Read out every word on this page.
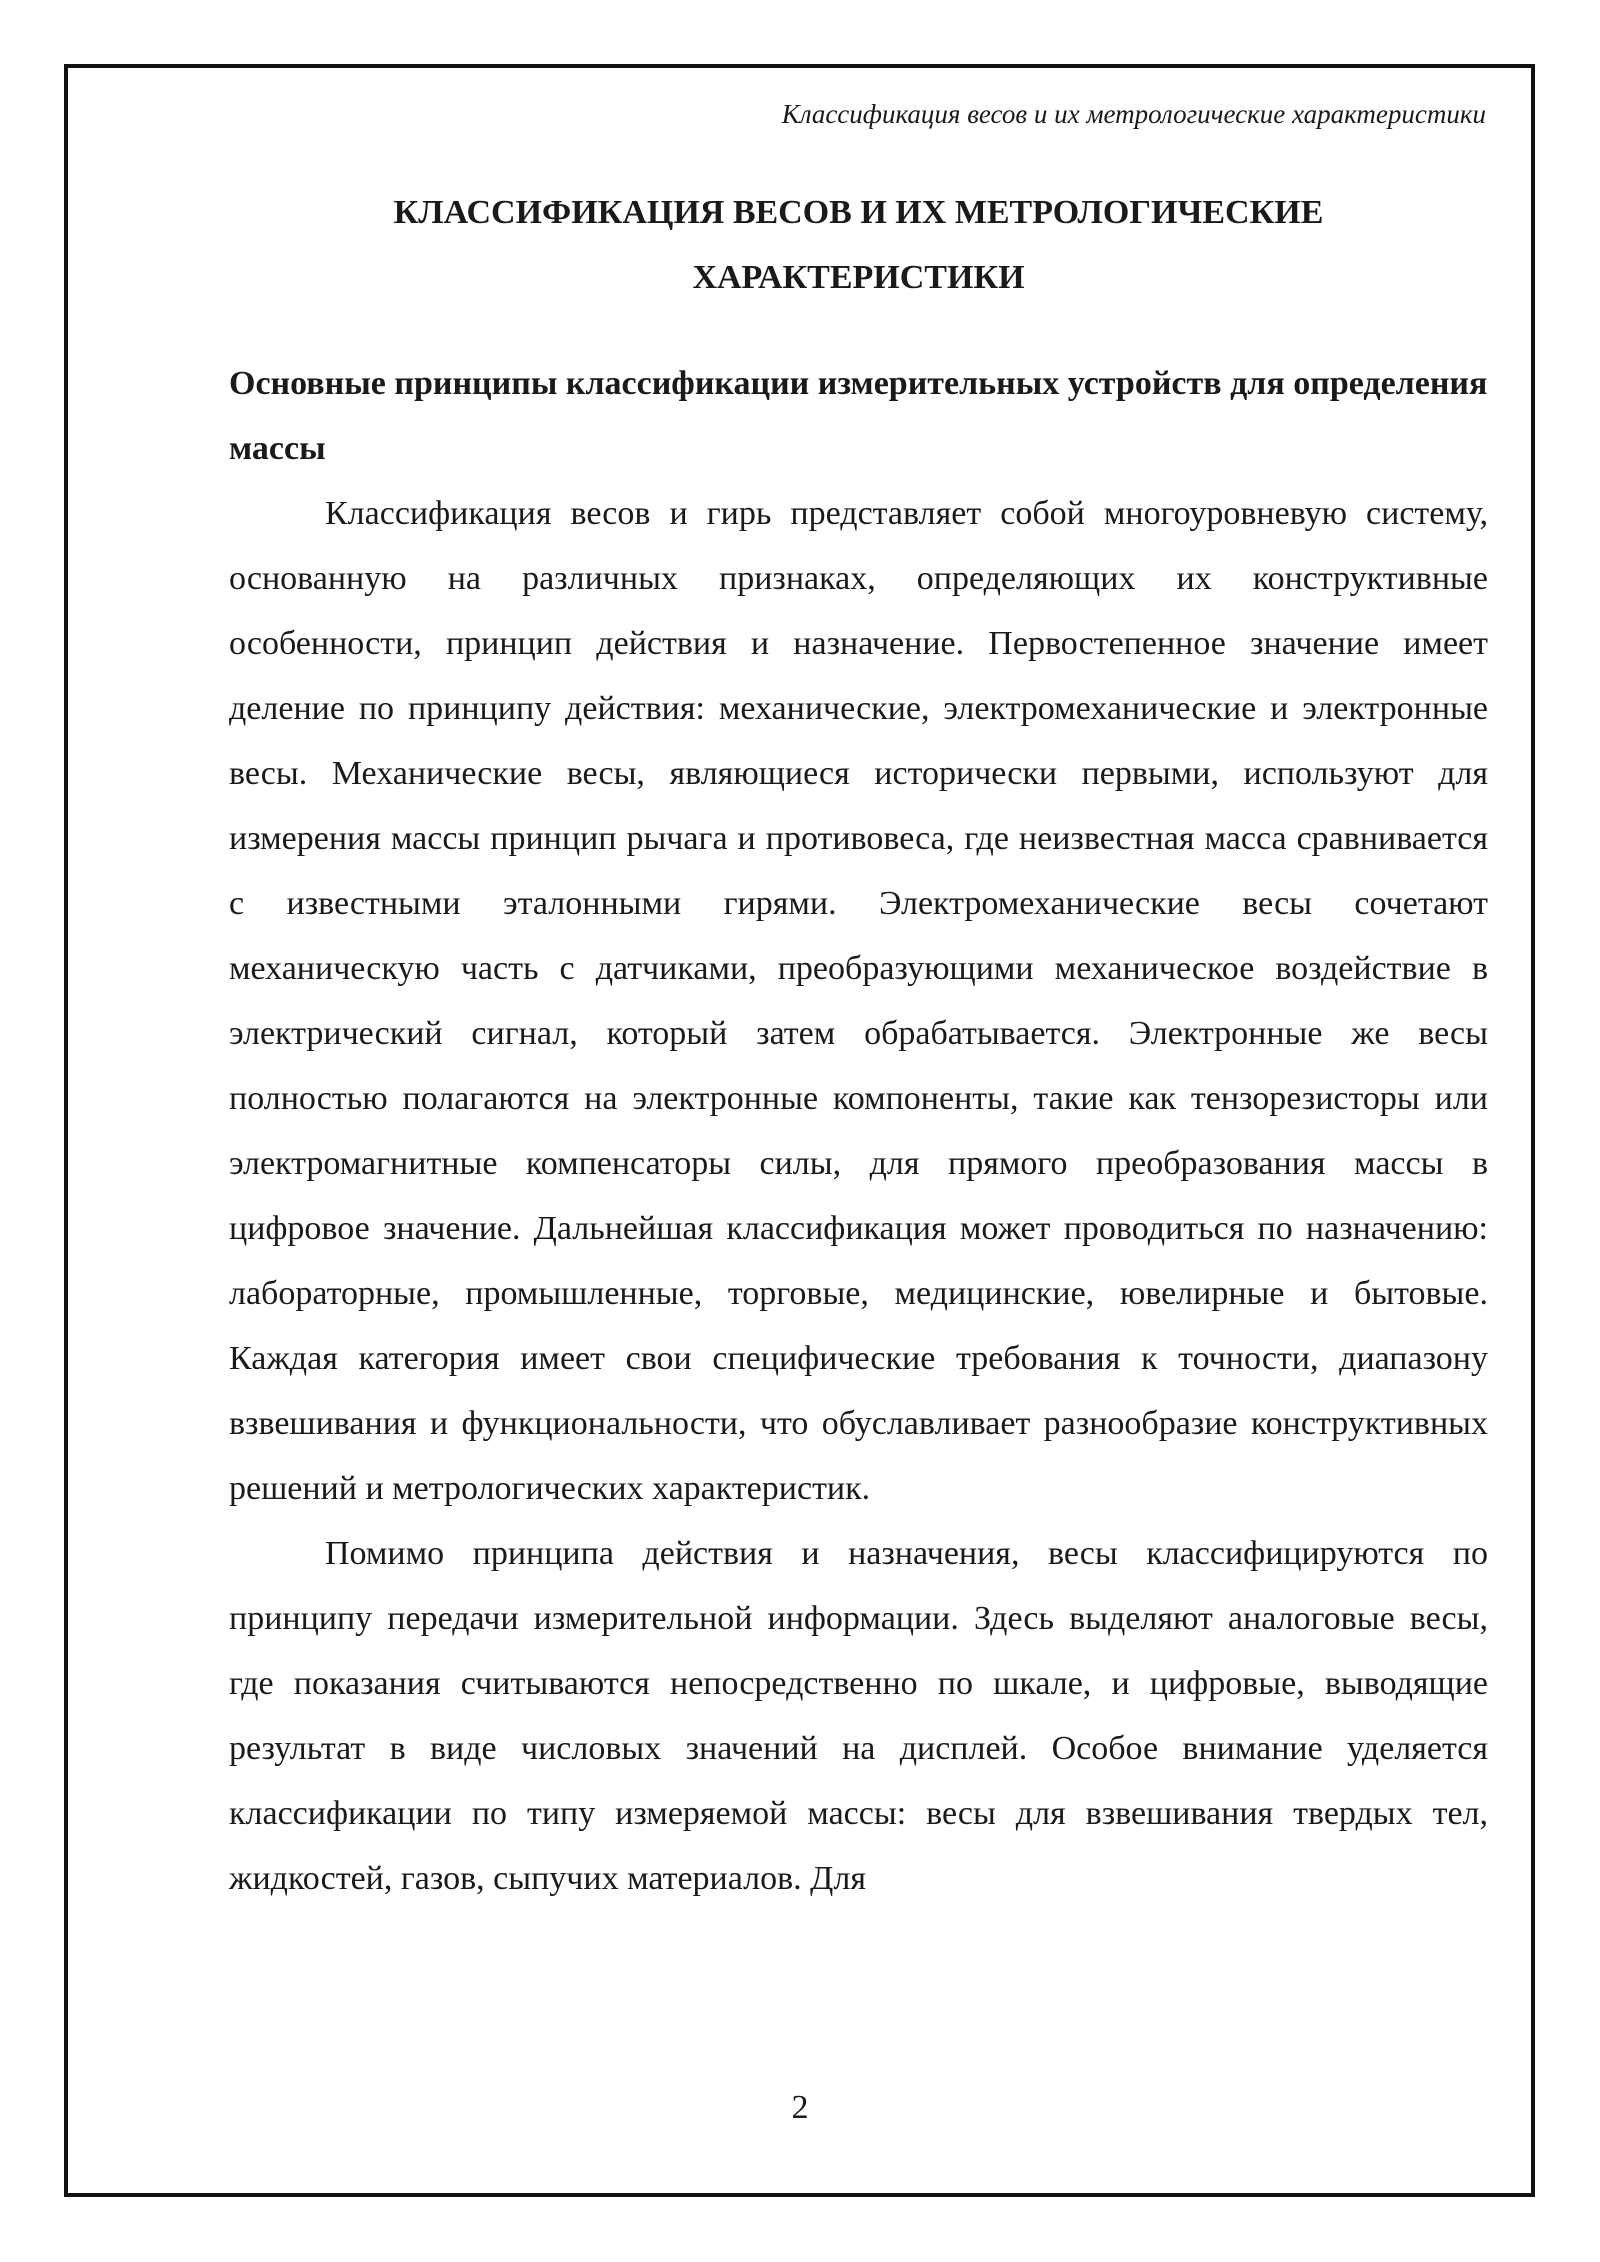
Классификация весов и их метрологические характеристики
КЛАССИФИКАЦИЯ ВЕСОВ И ИХ МЕТРОЛОГИЧЕСКИЕ
ХАРАКТЕРИСТИКИ
Основные принципы классификации измерительных устройств для определения массы

Классификация весов и гирь представляет собой многоуровневую систему, основанную на различных признаках, определяющих их конструктивные особенности, принцип действия и назначение. Первостепенное значение имеет деление по принципу действия: механические, электромеханические и электронные весы. Механические весы, являющиеся исторически первыми, используют для измерения массы принцип рычага и противовеса, где неизвестная масса сравнивается с известными эталонными гирями. Электромеханические весы сочетают механическую часть с датчиками, преобразующими механическое воздействие в электрический сигнал, который затем обрабатывается. Электронные же весы полностью полагаются на электронные компоненты, такие как тензорезисторы или электромагнитные компенсаторы силы, для прямого преобразования массы в цифровое значение. Дальнейшая классификация может проводиться по назначению: лабораторные, промышленные, торговые, медицинские, ювелирные и бытовые. Каждая категория имеет свои специфические требования к точности, диапазону взвешивания и функциональности, что обуславливает разнообразие конструктивных решений и метрологических характеристик.

Помимо принципа действия и назначения, весы классифицируются по принципу передачи измерительной информации. Здесь выделяют аналоговые весы, где показания считываются непосредственно по шкале, и цифровые, выводящие результат в виде числовых значений на дисплей. Особое внимание уделяется классификации по типу измеряемой массы: весы для взвешивания твердых тел, жидкостей, газов, сыпучих материалов. Для

2
